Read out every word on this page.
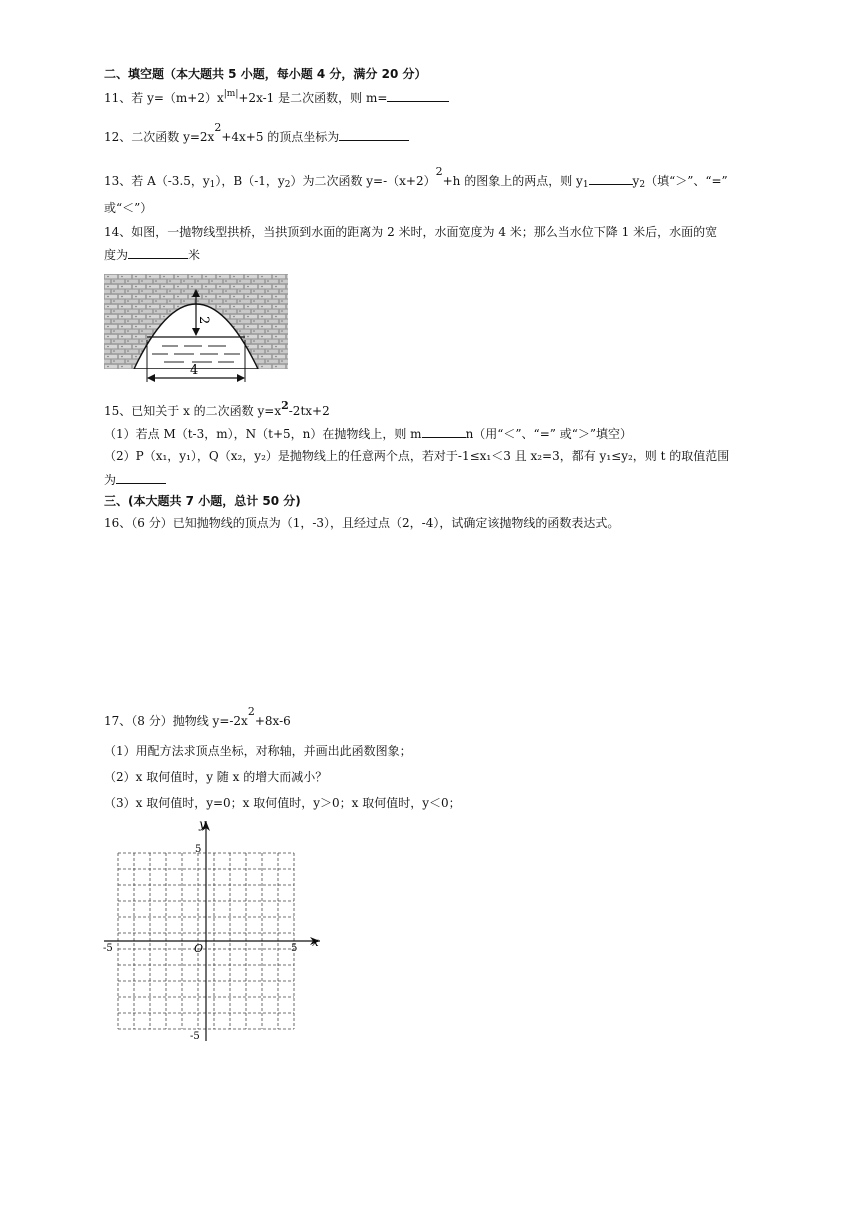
二、填空题（本大题共 5 小题，每小题 4 分，满分 20 分）
11、若 $y=(m+2)x^{|m|}+2x-1$ 是二次函数，则 m=
12、二次函数 $y=2x^2+4x+5$ 的顶点坐标为
13、若 A（-3.5，$y_1$），B（-1，$y_2$）为二次函数 $y=-(x+2)^2+h$ 的图象上的两点，则 $y_1$	$y_2$（填“＞”、“=”
或“＜”）
14、如图，一抛物线型拱桥，当拱顶到水面的距离为 2 米时，水面宽度为 4 米；那么当水位下降 1 米后，水面的宽
度为	米
2
4
15、已知关于 x 的二次函数 $y=x^2-2tx+2$
（1）若点 M（t-3，m），N（t+5，n）在抛物线上，则 m	n（用“＜”、“=” 或“＞”填空）
（2）P（x₁，y₁），Q（x₂，y₂）是抛物线上的任意两个点，若对于-1≤x₁＜3 且 x₂=3，都有 y₁≤y₂，则 t 的取值范围
为
三、(本大题共 7 小题，总计 50 分)
16、（6 分）已知抛物线的顶点为（1，-3），且经过点（2，-4），试确定该抛物线的函数表达式。
17、（8 分）抛物线 $y=-2x^2+8x-6$
（1）用配方法求顶点坐标，对称轴，并画出此函数图象；
（2）x 取何值时，y 随 x 的增大而减小？
（3）x 取何值时，y=0；x 取何值时，y＞0；x 取何值时，y＜0；
x
y
O
-5	5
5
-5
